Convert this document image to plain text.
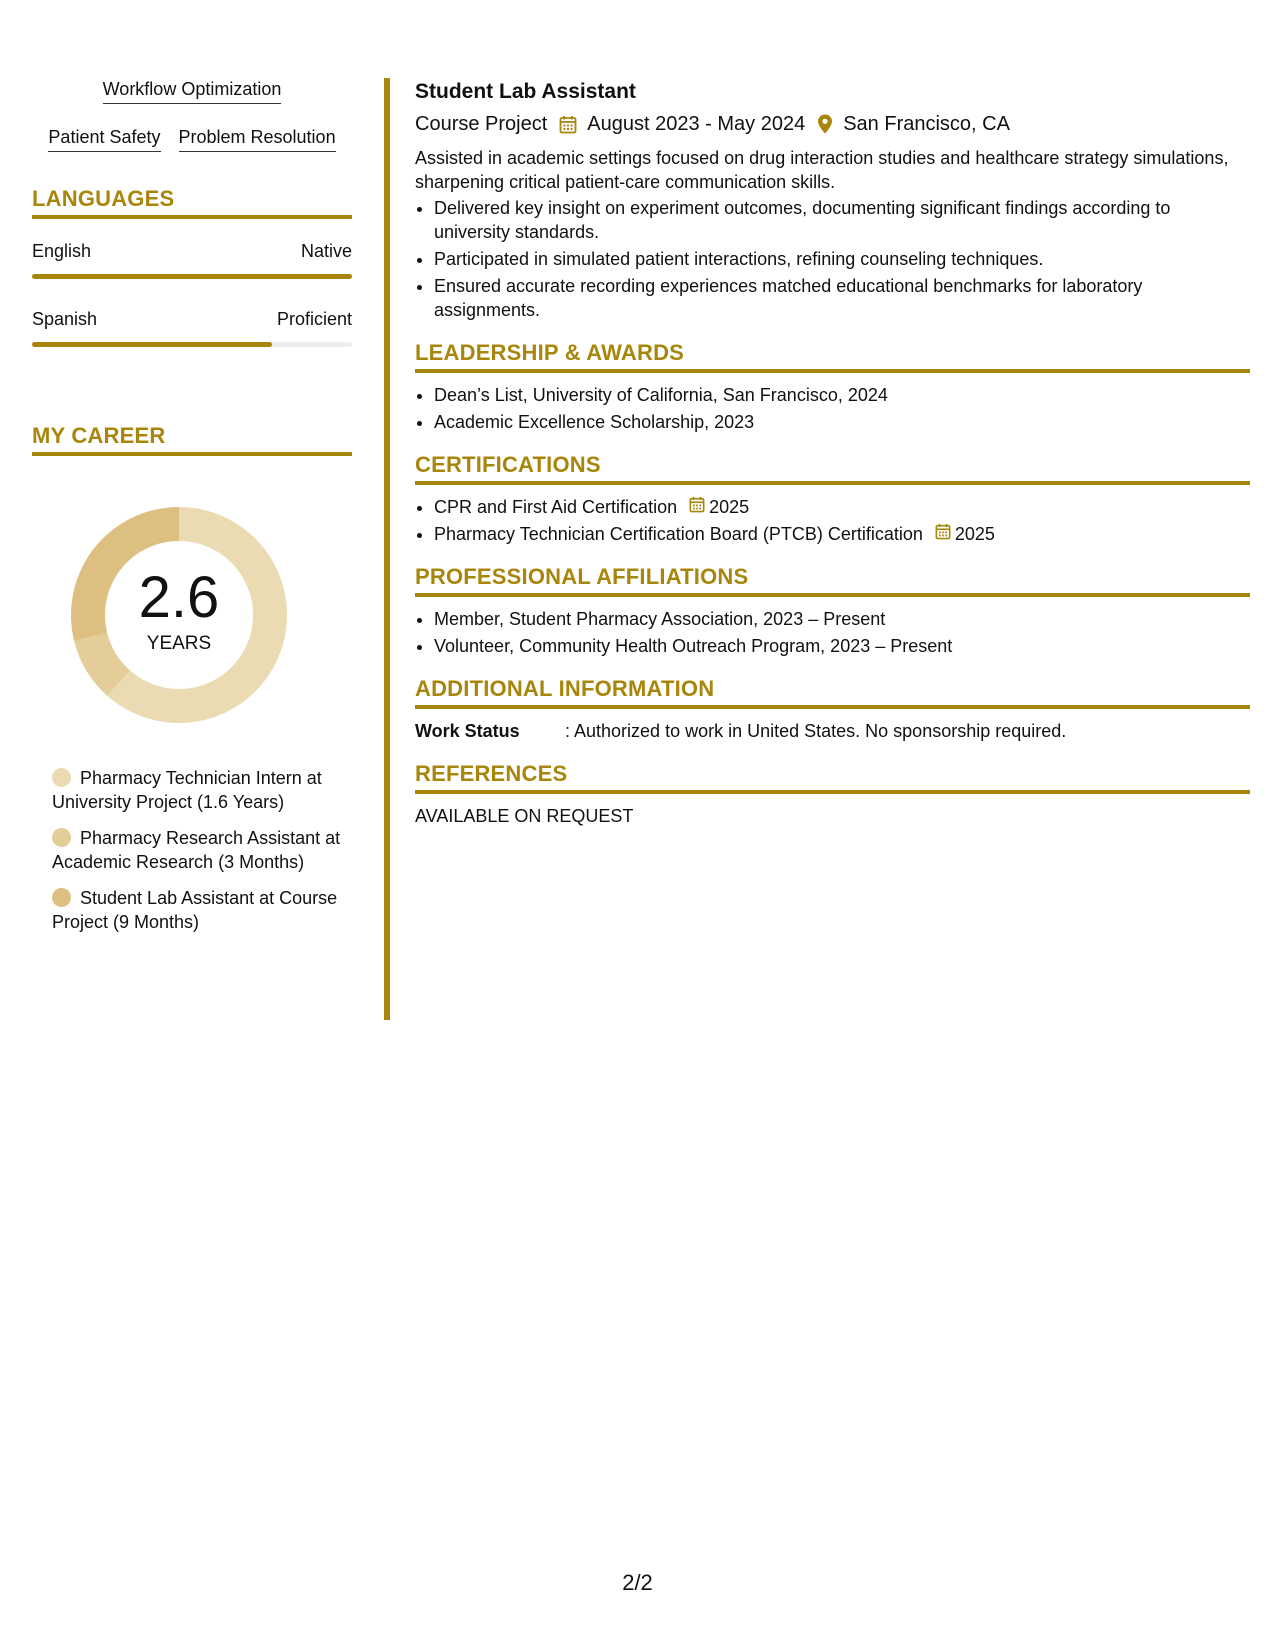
Workflow Optimization
Patient Safety Problem Resolution
LANGUAGES
English	Native
Spanish	Proficient
MY CAREER
2.6
YEARS
Pharmacy Technician Intern at University Project (1.6 Years)
Pharmacy Research Assistant at Academic Research (3 Months)
Student Lab Assistant at Course Project (9 Months)
Student Lab Assistant
Course Project August 2023 - May 2024 San Francisco, CA
Assisted in academic settings focused on drug interaction studies and healthcare strategy simulations, sharpening critical patient-care communication skills.
• Delivered key insight on experiment outcomes, documenting significant findings according to university standards.
• Participated in simulated patient interactions, refining counseling techniques.
• Ensured accurate recording experiences matched educational benchmarks for laboratory assignments.
LEADERSHIP & AWARDS
• Dean’s List, University of California, San Francisco, 2024
• Academic Excellence Scholarship, 2023
CERTIFICATIONS
• CPR and First Aid Certification 2025
• Pharmacy Technician Certification Board (PTCB) Certification 2025
PROFESSIONAL AFFILIATIONS
• Member, Student Pharmacy Association, 2023 – Present
• Volunteer, Community Health Outreach Program, 2023 – Present
ADDITIONAL INFORMATION
Work Status	: Authorized to work in United States. No sponsorship required.
REFERENCES
AVAILABLE ON REQUEST
2/2
